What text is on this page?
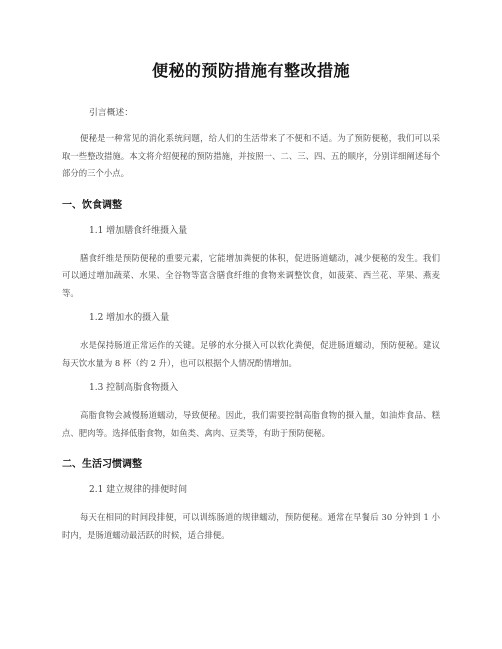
便秘的预防措施有整改措施
引言概述：
便秘是一种常见的消化系统问题，给人们的生活带来了不便和不适。为了预防便秘，我们可以采取一些整改措施。本文将介绍便秘的预防措施，并按照一、二、三、四、五的顺序，分别详细阐述每个部分的三个小点。
一、饮食调整
1.1 增加膳食纤维摄入量
膳食纤维是预防便秘的重要元素，它能增加粪便的体积，促进肠道蠕动，减少便秘的发生。我们可以通过增加蔬菜、水果、全谷物等富含膳食纤维的食物来调整饮食，如菠菜、西兰花、苹果、燕麦等。
1.2 增加水的摄入量
水是保持肠道正常运作的关键。足够的水分摄入可以软化粪便，促进肠道蠕动，预防便秘。建议每天饮水量为 8 杯（约 2 升），也可以根据个人情况酌情增加。
1.3 控制高脂食物摄入
高脂食物会减慢肠道蠕动，导致便秘。因此，我们需要控制高脂食物的摄入量，如油炸食品、糕点、肥肉等。选择低脂食物，如鱼类、禽肉、豆类等，有助于预防便秘。
二、生活习惯调整
2.1 建立规律的排便时间
每天在相同的时间段排便，可以训练肠道的规律蠕动，预防便秘。通常在早餐后 30 分钟到 1 小时内，是肠道蠕动最活跃的时候，适合排便。
